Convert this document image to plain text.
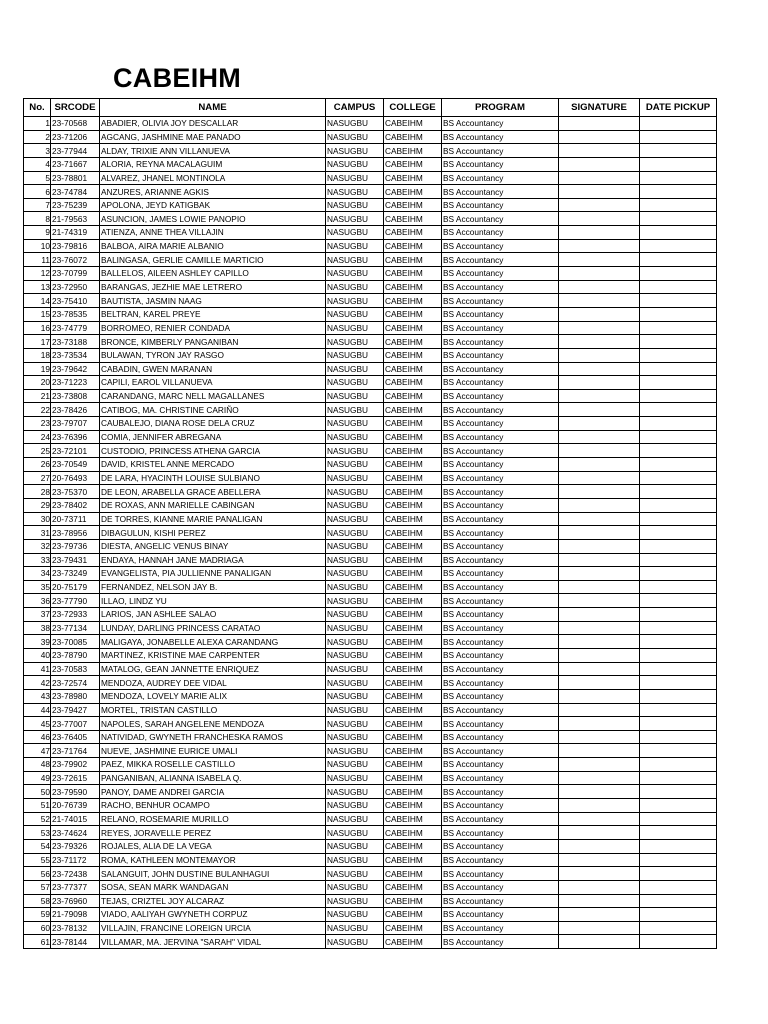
CABEIHM
No.	SRCODE	NAME	CAMPUS	COLLEGE	PROGRAM	SIGNATURE	DATE PICKUP
1	23-70568	ABADIER, OLIVIA JOY DESCALLAR	NASUGBU	CABEIHM	BS Accountancy		
2	23-71206	AGCANG, JASHMINE MAE PANADO	NASUGBU	CABEIHM	BS Accountancy		
3	23-77944	ALDAY, TRIXIE ANN VILLANUEVA	NASUGBU	CABEIHM	BS Accountancy		
4	23-71667	ALORIA, REYNA MACALAGUIM	NASUGBU	CABEIHM	BS Accountancy		
5	23-78801	ALVAREZ, JHANEL MONTINOLA	NASUGBU	CABEIHM	BS Accountancy		
6	23-74784	ANZURES, ARIANNE AGKIS	NASUGBU	CABEIHM	BS Accountancy		
7	23-75239	APOLONA, JEYD KATIGBAK	NASUGBU	CABEIHM	BS Accountancy		
8	21-79563	ASUNCION, JAMES LOWIE PANOPIO	NASUGBU	CABEIHM	BS Accountancy		
9	21-74319	ATIENZA, ANNE THEA VILLAJIN	NASUGBU	CABEIHM	BS Accountancy		
10	23-79816	BALBOA, AIRA MARIE ALBANIO	NASUGBU	CABEIHM	BS Accountancy		
11	23-76072	BALINGASA, GERLIE CAMILLE MARTICIO	NASUGBU	CABEIHM	BS Accountancy		
12	23-70799	BALLELOS, AILEEN ASHLEY CAPILLO	NASUGBU	CABEIHM	BS Accountancy		
13	23-72950	BARANGAS, JEZHIE MAE LETRERO	NASUGBU	CABEIHM	BS Accountancy		
14	23-75410	BAUTISTA, JASMIN NAAG	NASUGBU	CABEIHM	BS Accountancy		
15	23-78535	BELTRAN, KAREL PREYE	NASUGBU	CABEIHM	BS Accountancy		
16	23-74779	BORROMEO, RENIER CONDADA	NASUGBU	CABEIHM	BS Accountancy		
17	23-73188	BRONCE, KIMBERLY PANGANIBAN	NASUGBU	CABEIHM	BS Accountancy		
18	23-73534	BULAWAN, TYRON JAY RASGO	NASUGBU	CABEIHM	BS Accountancy		
19	23-79642	CABADIN, GWEN MARANAN	NASUGBU	CABEIHM	BS Accountancy		
20	23-71223	CAPILI, EAROL VILLANUEVA	NASUGBU	CABEIHM	BS Accountancy		
21	23-73808	CARANDANG, MARC NELL MAGALLANES	NASUGBU	CABEIHM	BS Accountancy		
22	23-78426	CATIBOG, MA. CHRISTINE CARIÑO	NASUGBU	CABEIHM	BS Accountancy		
23	23-79707	CAUBALEJO, DIANA ROSE DELA CRUZ	NASUGBU	CABEIHM	BS Accountancy		
24	23-76396	COMIA, JENNIFER ABREGANA	NASUGBU	CABEIHM	BS Accountancy		
25	23-72101	CUSTODIO, PRINCESS ATHENA GARCIA	NASUGBU	CABEIHM	BS Accountancy		
26	23-70549	DAVID, KRISTEL ANNE MERCADO	NASUGBU	CABEIHM	BS Accountancy		
27	20-76493	DE LARA, HYACINTH LOUISE SULBIANO	NASUGBU	CABEIHM	BS Accountancy		
28	23-75370	DE LEON, ARABELLA GRACE ABELLERA	NASUGBU	CABEIHM	BS Accountancy		
29	23-78402	DE ROXAS, ANN MARIELLE CABINGAN	NASUGBU	CABEIHM	BS Accountancy		
30	20-73711	DE TORRES, KIANNE MARIE PANALIGAN	NASUGBU	CABEIHM	BS Accountancy		
31	23-78956	DIBAGULUN, KISHI PEREZ	NASUGBU	CABEIHM	BS Accountancy		
32	23-79736	DIESTA, ANGELIC VENUS BINAY	NASUGBU	CABEIHM	BS Accountancy		
33	23-79431	ENDAYA, HANNAH JANE MADRIAGA	NASUGBU	CABEIHM	BS Accountancy		
34	23-73249	EVANGELISTA, PIA JULLIENNE PANALIGAN	NASUGBU	CABEIHM	BS Accountancy		
35	20-75179	FERNANDEZ, NELSON JAY B.	NASUGBU	CABEIHM	BS Accountancy		
36	23-77790	ILLAO, LINDZ YU	NASUGBU	CABEIHM	BS Accountancy		
37	23-72933	LARIOS, JAN ASHLEE SALAO	NASUGBU	CABEIHM	BS Accountancy		
38	23-77134	LUNDAY, DARLING PRINCESS CARATAO	NASUGBU	CABEIHM	BS Accountancy		
39	23-70085	MALIGAYA, JONABELLE ALEXA CARANDANG	NASUGBU	CABEIHM	BS Accountancy		
40	23-78790	MARTINEZ, KRISTINE MAE CARPENTER	NASUGBU	CABEIHM	BS Accountancy		
41	23-70583	MATALOG, GEAN JANNETTE ENRIQUEZ	NASUGBU	CABEIHM	BS Accountancy		
42	23-72574	MENDOZA, AUDREY DEE VIDAL	NASUGBU	CABEIHM	BS Accountancy		
43	23-78980	MENDOZA, LOVELY MARIE ALIX	NASUGBU	CABEIHM	BS Accountancy		
44	23-79427	MORTEL, TRISTAN CASTILLO	NASUGBU	CABEIHM	BS Accountancy		
45	23-77007	NAPOLES, SARAH ANGELENE MENDOZA	NASUGBU	CABEIHM	BS Accountancy		
46	23-76405	NATIVIDAD, GWYNETH FRANCHESKA RAMOS	NASUGBU	CABEIHM	BS Accountancy		
47	23-71764	NUEVE, JASHMINE EURICE UMALI	NASUGBU	CABEIHM	BS Accountancy		
48	23-79902	PAEZ, MIKKA ROSELLE CASTILLO	NASUGBU	CABEIHM	BS Accountancy		
49	23-72615	PANGANIBAN, ALIANNA ISABELA Q.	NASUGBU	CABEIHM	BS Accountancy		
50	23-79590	PANOY, DAME ANDREI GARCIA	NASUGBU	CABEIHM	BS Accountancy		
51	20-76739	RACHO, BENHUR OCAMPO	NASUGBU	CABEIHM	BS Accountancy		
52	21-74015	RELANO, ROSEMARIE MURILLO	NASUGBU	CABEIHM	BS Accountancy		
53	23-74624	REYES, JORAVELLE PEREZ	NASUGBU	CABEIHM	BS Accountancy		
54	23-79326	ROJALES, ALIA DE LA VEGA	NASUGBU	CABEIHM	BS Accountancy		
55	23-71172	ROMA, KATHLEEN MONTEMAYOR	NASUGBU	CABEIHM	BS Accountancy		
56	23-72438	SALANGUIT, JOHN DUSTINE BULANHAGUI	NASUGBU	CABEIHM	BS Accountancy		
57	23-77377	SOSA, SEAN MARK WANDAGAN	NASUGBU	CABEIHM	BS Accountancy		
58	23-76960	TEJAS, CRIZTEL JOY ALCARAZ	NASUGBU	CABEIHM	BS Accountancy		
59	21-79098	VIADO, AALIYAH GWYNETH CORPUZ	NASUGBU	CABEIHM	BS Accountancy		
60	23-78132	VILLAJIN, FRANCINE LOREIGN URCIA	NASUGBU	CABEIHM	BS Accountancy		
61	23-78144	VILLAMAR, MA. JERVINA "SARAH" VIDAL	NASUGBU	CABEIHM	BS Accountancy		
